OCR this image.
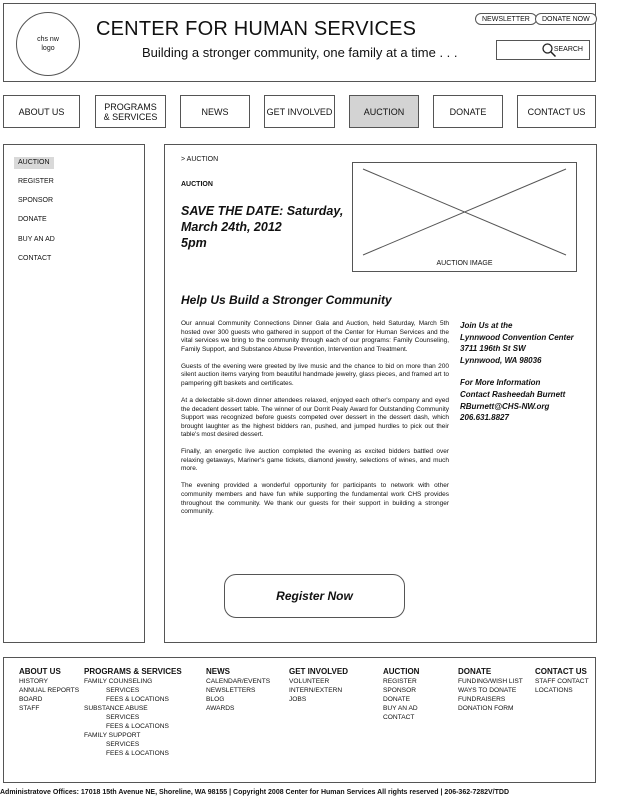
chs nw logo
CENTER FOR HUMAN SERVICES
Building a stronger community, one family at a time . . .
NEWSLETTER	DONATE NOW
SEARCH
ABOUT US	PROGRAMS & SERVICES	NEWS	GET INVOLVED	AUCTION	DONATE	CONTACT US
AUCTION
REGISTER
SPONSOR
DONATE
BUY AN AD
CONTACT
> AUCTION
AUCTION
SAVE THE DATE: Saturday,
March 24th, 2012
5pm
AUCTION IMAGE
Help Us Build a Stronger Community

Our annual Community Connections Dinner Gala and Auction, held Saturday, March 5th hosted over 300 guests who gathered in support of the Center for Human Services and the vital services we bring to the community through each of our programs: Family Counseling, Family Support, and Substance Abuse Prevention, Intervention and Treatment.

Guests of the evening were greeted by live music and the chance to bid on more than 200 silent auction items varying from beautiful handmade jewelry, glass pieces, and framed art to pampering gift baskets and certificates.

At a delectable sit-down dinner attendees relaxed, enjoyed each other's company and eyed the decadent dessert table. The winner of our Dorrit Pealy Award for Outstanding Community Support was recognized before guests competed over dessert in the dessert dash, which brought laughter as the highest bidders ran, pushed, and jumped hurdles to pick out their table's most desired dessert.

Finally, an energetic live auction completed the evening as excited bidders battled over relaxing getaways, Mariner's game tickets, diamond jewelry, selections of wines, and much more.

The evening provided a wonderful opportunity for participants to network with other community members and have fun while supporting the fundamental work CHS provides throughout the community. We thank our guests for their support in building a stronger community.

Join Us at the
Lynnwood Convention Center
3711 196th St SW
Lynnwood, WA 98036
For More Information
Contact Rasheedah Burnett
RBurnett@CHS-NW.org
206.631.8827
Register Now
ABOUT US
HISTORY
ANNUAL REPORTS
BOARD
STAFF
PROGRAMS & SERVICES
FAMILY COUNSELING
SERVICES
FEES & LOCATIONS
SUBSTANCE ABUSE
SERVICES
FEES & LOCATIONS
FAMILY SUPPORT
SERVICES
FEES & LOCATIONS
NEWS
CALENDAR/EVENTS
NEWSLETTERS
BLOG
AWARDS
GET INVOLVED
VOLUNTEER
INTERN/EXTERN
JOBS
AUCTION
REGISTER
SPONSOR
DONATE
BUY AN AD
CONTACT
DONATE
FUNDING/WISH LIST
WAYS TO DONATE
FUNDRAISERS
DONATION FORM
CONTACT US
STAFF CONTACT
LOCATIONS
Administratove Offices: 17018 15th Avenue NE, Shoreline, WA 98155 | Copyright 2008 Center for Human Services All rights reserved | 206-362-7282V/TDD
